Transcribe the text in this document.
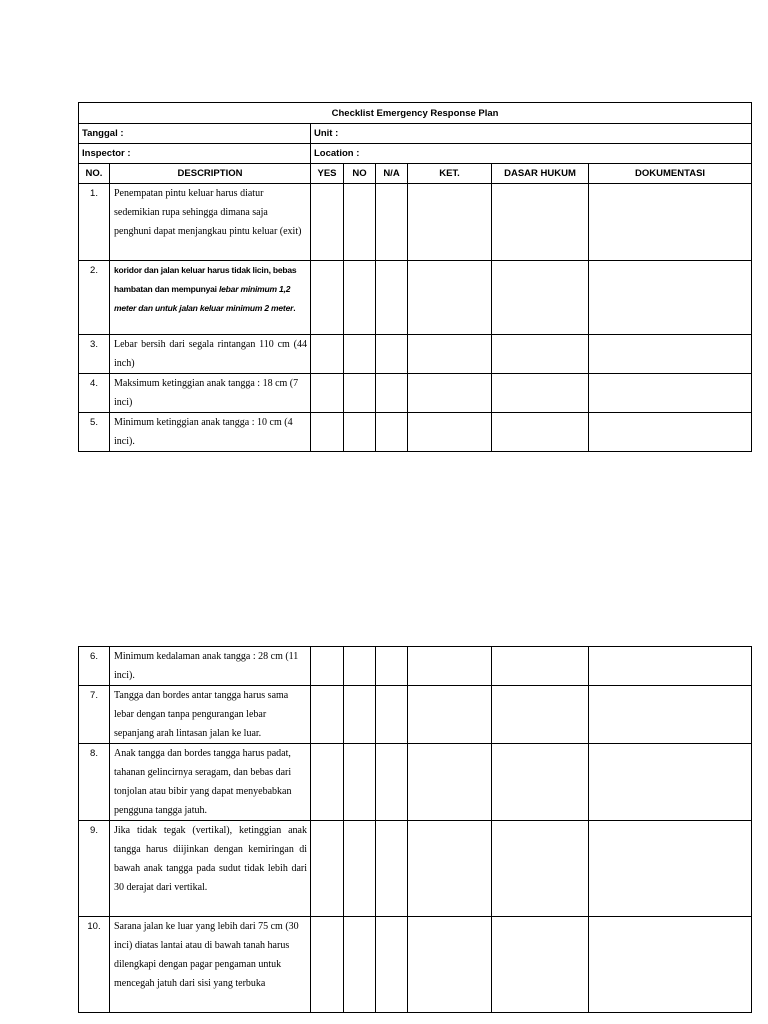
Checklist Emergency Response Plan							
Tanggal :		Unit :					
Inspector :		Location :					
NO.	DESCRIPTION	YES	NO	N/A	KET.	DASAR HUKUM	DOKUMENTASI
1.	Penempatan pintu keluar harus diatur sedemikian rupa sehingga dimana saja penghuni dapat menjangkau pintu keluar (exit)						
2.	koridor dan jalan keluar harus tidak licin, bebas hambatan dan mempunyai lebar minimum 1,2 meter dan untuk jalan keluar minimum 2 meter.						
3.	Lebar bersih dari segala rintangan 110 cm (44 inch)						
4.	Maksimum ketinggian anak tangga : 18 cm (7 inci)						
5.	Minimum ketinggian anak tangga : 10 cm (4 inci).						
6.	Minimum kedalaman anak tangga : 28 cm (11 inci).						
7.	Tangga dan bordes antar tangga harus sama lebar dengan tanpa pengurangan lebar sepanjang arah lintasan jalan ke luar.						
8.	Anak tangga dan bordes tangga harus padat, tahanan gelincirnya seragam, dan bebas dari tonjolan atau bibir yang dapat menyebabkan pengguna tangga jatuh.						
9.	Jika tidak tegak (vertikal), ketinggian anak tangga harus diijinkan dengan kemiringan di bawah anak tangga pada sudut tidak lebih dari 30 derajat dari vertikal.						
10.	Sarana jalan ke luar yang lebih dari 75 cm (30 inci) diatas lantai atau di bawah tanah harus dilengkapi dengan pagar pengaman untuk mencegah jatuh dari sisi yang terbuka						
